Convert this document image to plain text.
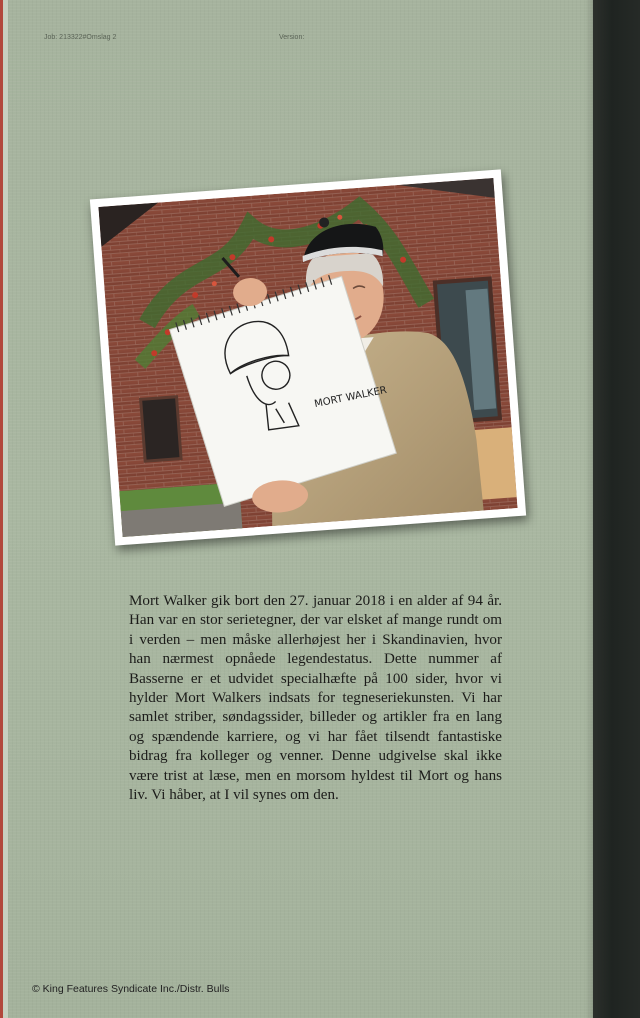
Job: 213322#Omslag 2	Version:
MORT WALKER

Mort Walker gik bort den 27. januar 2018 i en alder af 94 år. Han var en stor serietegner, der var elsket af mange rundt om i verden – men måske allerhøjest her i Skandinavien, hvor han nærmest opnåede legendestatus. Dette nummer af Basserne er et udvidet specialhæfte på 100 sider, hvor vi hylder Mort Walkers indsats for tegneseriekunsten. Vi har samlet striber, søndagssider, billeder og artikler fra en lang og spændende karriere, og vi har fået tilsendt fantastiske bidrag fra kolleger og venner. Denne udgivelse skal ikke være trist at læse, men en morsom hyldest til Mort og hans liv. Vi håber, at I vil synes om den.

© King Features Syndicate Inc./Distr. Bulls
